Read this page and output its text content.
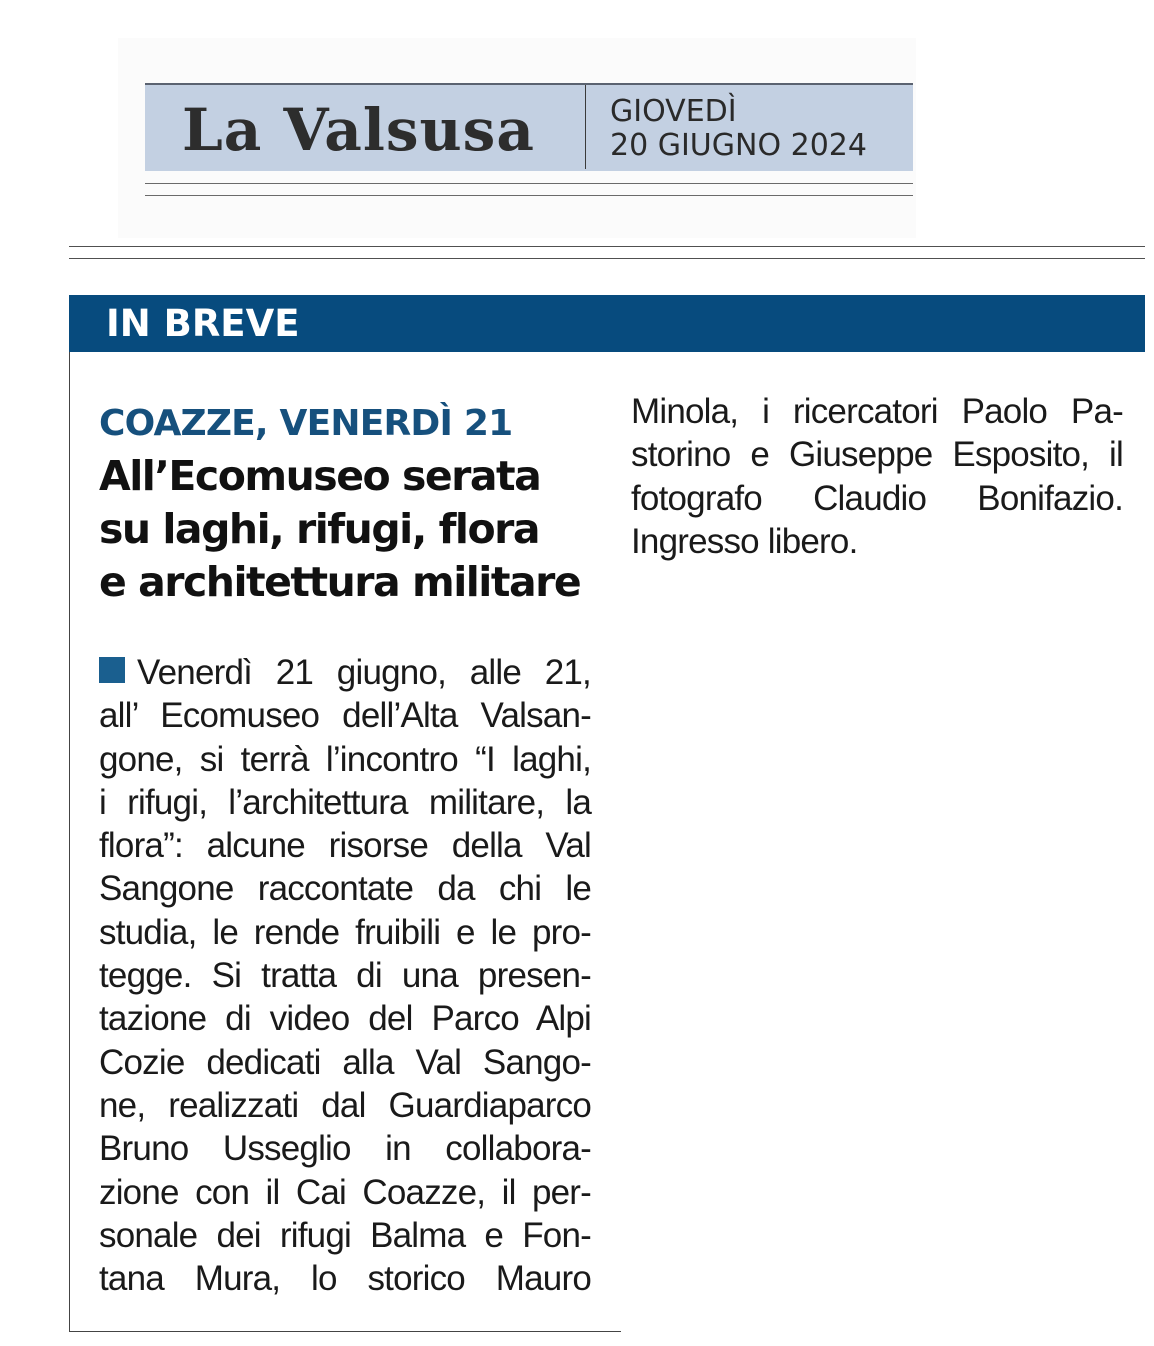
La Valsusa	GIOVEDÌ
20 GIUGNO 2024
IN BREVE
COAZZE, VENERDÌ 21
All’Ecomuseo serata
su laghi, rifugi, flora
e architettura militare
Venerdì 21 giugno, alle 21,
all’ Ecomuseo dell’Alta Valsan-
gone, si terrà l’incontro “I laghi,
i rifugi, l’architettura militare, la
flora”: alcune risorse della Val
Sangone raccontate da chi le
studia, le rende fruibili e le pro-
tegge. Si tratta di una presen-
tazione di video del Parco Alpi
Cozie dedicati alla Val Sango-
ne, realizzati dal Guardiaparco
Bruno Usseglio in collabora-
zione con il Cai Coazze, il per-
sonale dei rifugi Balma e Fon-
tana Mura, lo storico Mauro
Minola, i ricercatori Paolo Pa-
storino e Giuseppe Esposito, il
fotografo Claudio Bonifazio.
Ingresso libero.
